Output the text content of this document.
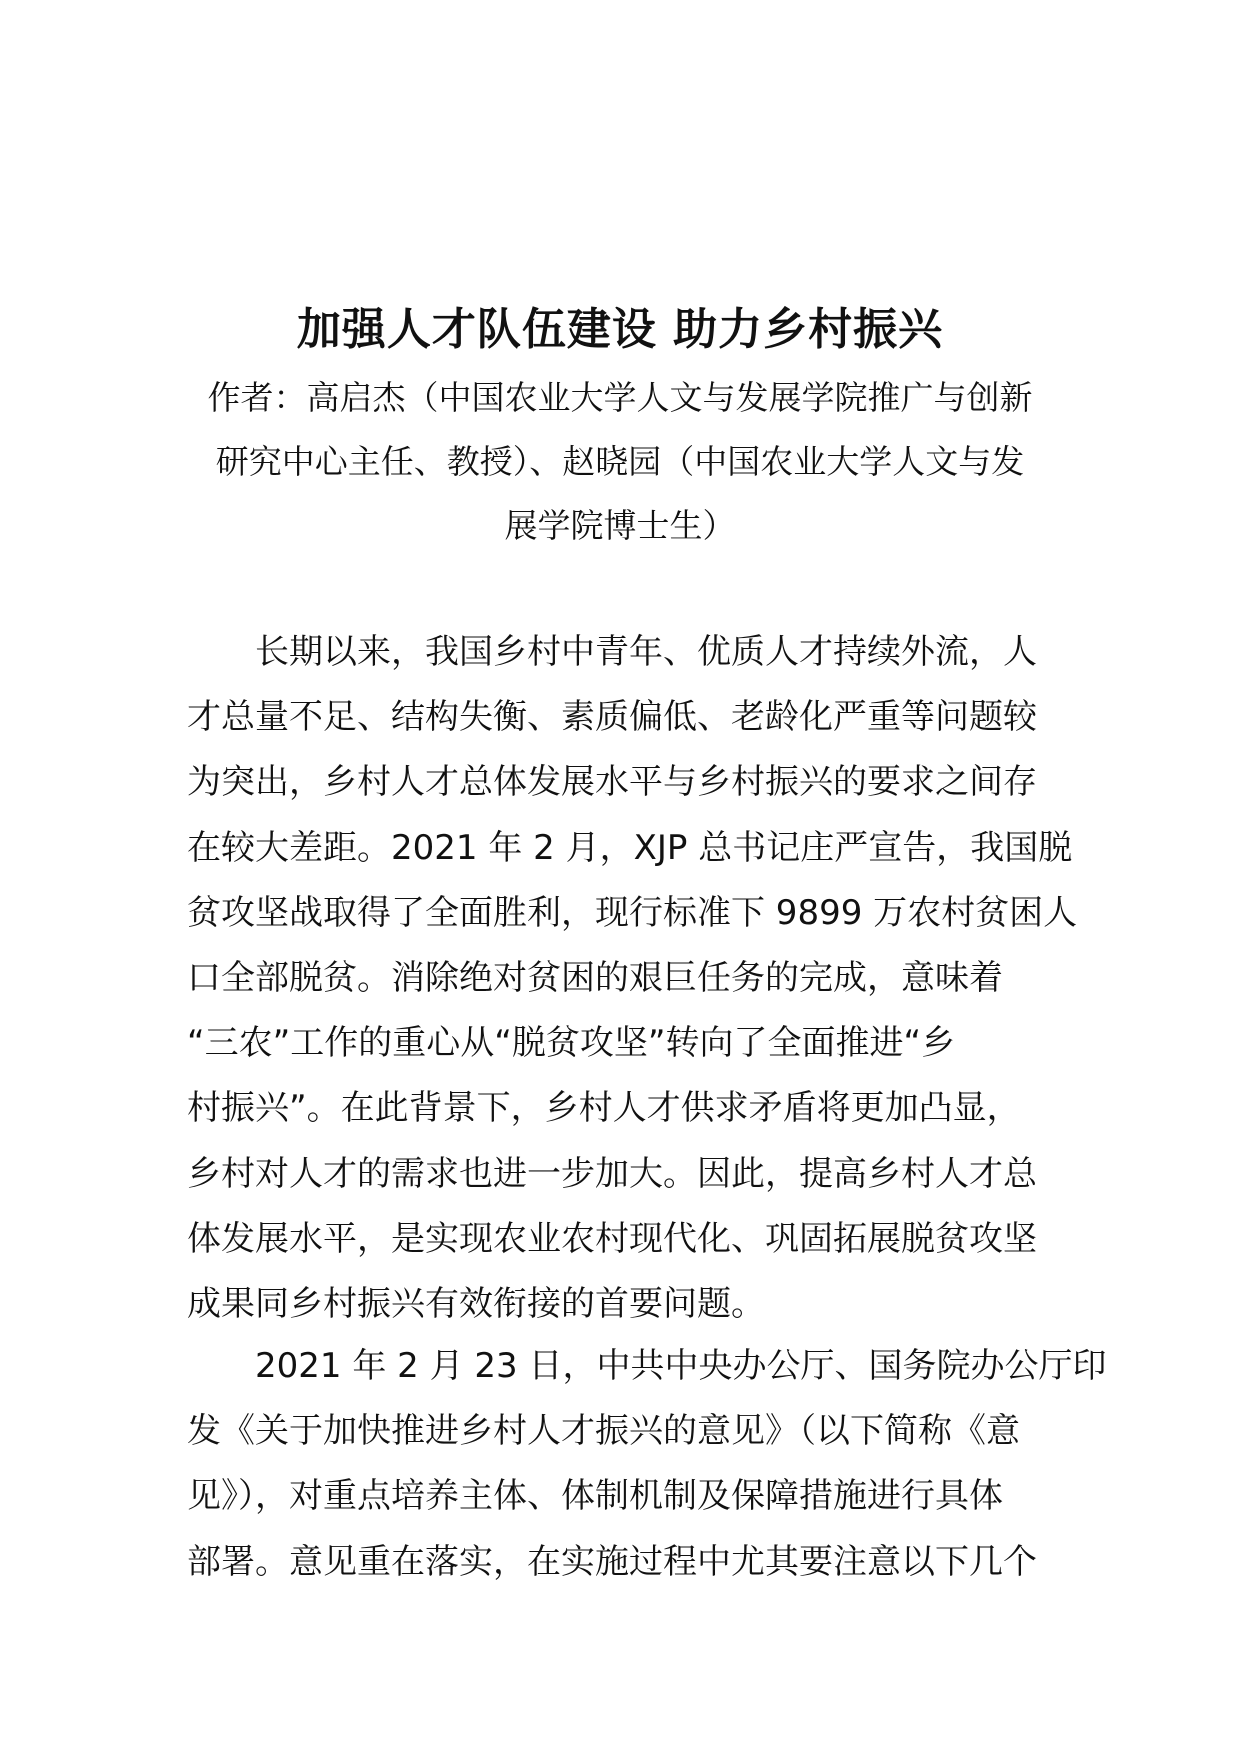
加强人才队伍建设 助力乡村振兴
作者：高启杰（中国农业大学人文与发展学院推广与创新
研究中心主任、教授）、赵晓园（中国农业大学人文与发
展学院博士生）
长期以来，我国乡村中青年、优质人才持续外流，人
才总量不足、结构失衡、素质偏低、老龄化严重等问题较
为突出，乡村人才总体发展水平与乡村振兴的要求之间存
在较大差距。2021 年 2 月，XJP 总书记庄严宣告，我国脱
贫攻坚战取得了全面胜利，现行标准下 9899 万农村贫困人
口全部脱贫。消除绝对贫困的艰巨任务的完成，意味着
“三农”工作的重心从“脱贫攻坚”转向了全面推进“乡
村振兴”。在此背景下，乡村人才供求矛盾将更加凸显，
乡村对人才的需求也进一步加大。因此，提高乡村人才总
体发展水平，是实现农业农村现代化、巩固拓展脱贫攻坚
成果同乡村振兴有效衔接的首要问题。
2021 年 2 月 23 日，中共中央办公厅、国务院办公厅印
发《关于加快推进乡村人才振兴的意见》（以下简称《意
见》），对重点培养主体、体制机制及保障措施进行具体
部署。意见重在落实，在实施过程中尤其要注意以下几个
